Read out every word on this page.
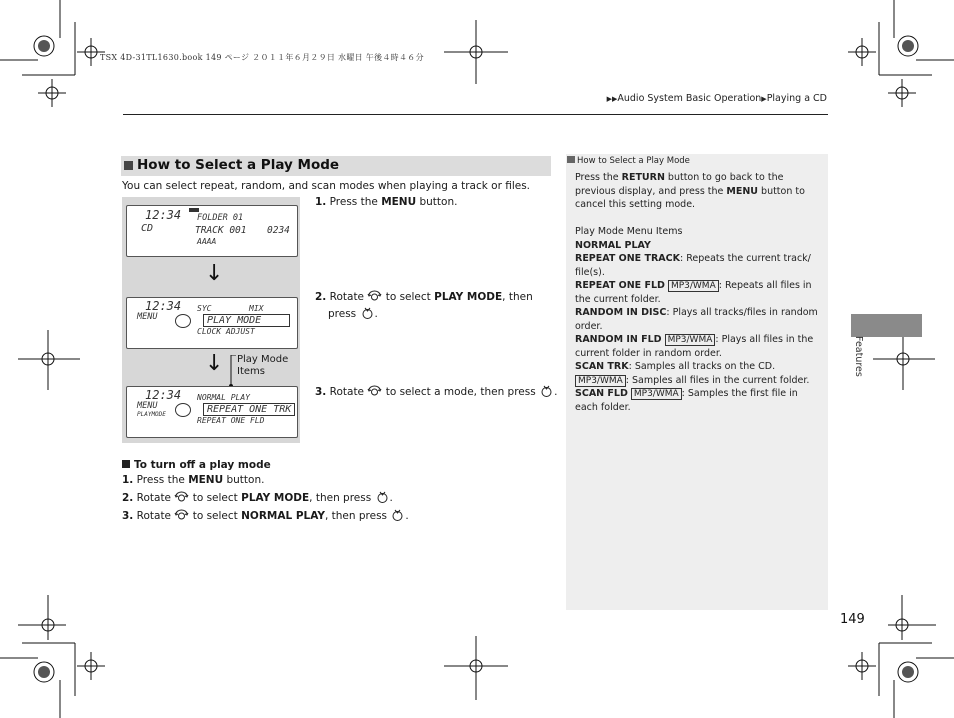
TSX 4D-31TL1630.book 149 ページ ２０１１年６月２９日 水曜日 午後４時４６分
▶▶Audio System Basic Operation▶Playing a CD
How to Select a Play Mode
You can select repeat, random, and scan modes when playing a track or files.
12:34
CD
FOLDER 01
TRACK 001 0234
AAAA
↓
12:34
MENU
SYC	MIX
PLAY MODE
CLOCK ADJUST
↓
12:34
MENU
PLAYMODE
NORMAL PLAY
REPEAT ONE TRK
REPEAT ONE FLD
Play Mode
Items
1. Press the MENU button.
2. Rotate  to select PLAY MODE, then
press .
3. Rotate  to select a mode, then press .
To turn off a play mode
1. Press the MENU button.
2. Rotate  to select PLAY MODE, then press .
3. Rotate  to select NORMAL PLAY, then press .
How to Select a Play Mode
Press the RETURN button to go back to the previous display, and press the MENU button to cancel this setting mode.
Play Mode Menu Items
NORMAL PLAY
REPEAT ONE TRACK: Repeats the current track/ file(s).
REPEAT ONE FLD MP3/WMA : Repeats all files in the current folder.
RANDOM IN DISC: Plays all tracks/files in random order.
RANDOM IN FLD MP3/WMA : Plays all files in the current folder in random order.
SCAN TRK: Samples all tracks on the CD.
MP3/WMA : Samples all files in the current folder.
SCAN FLD MP3/WMA : Samples the first file in each folder.
Features
149
